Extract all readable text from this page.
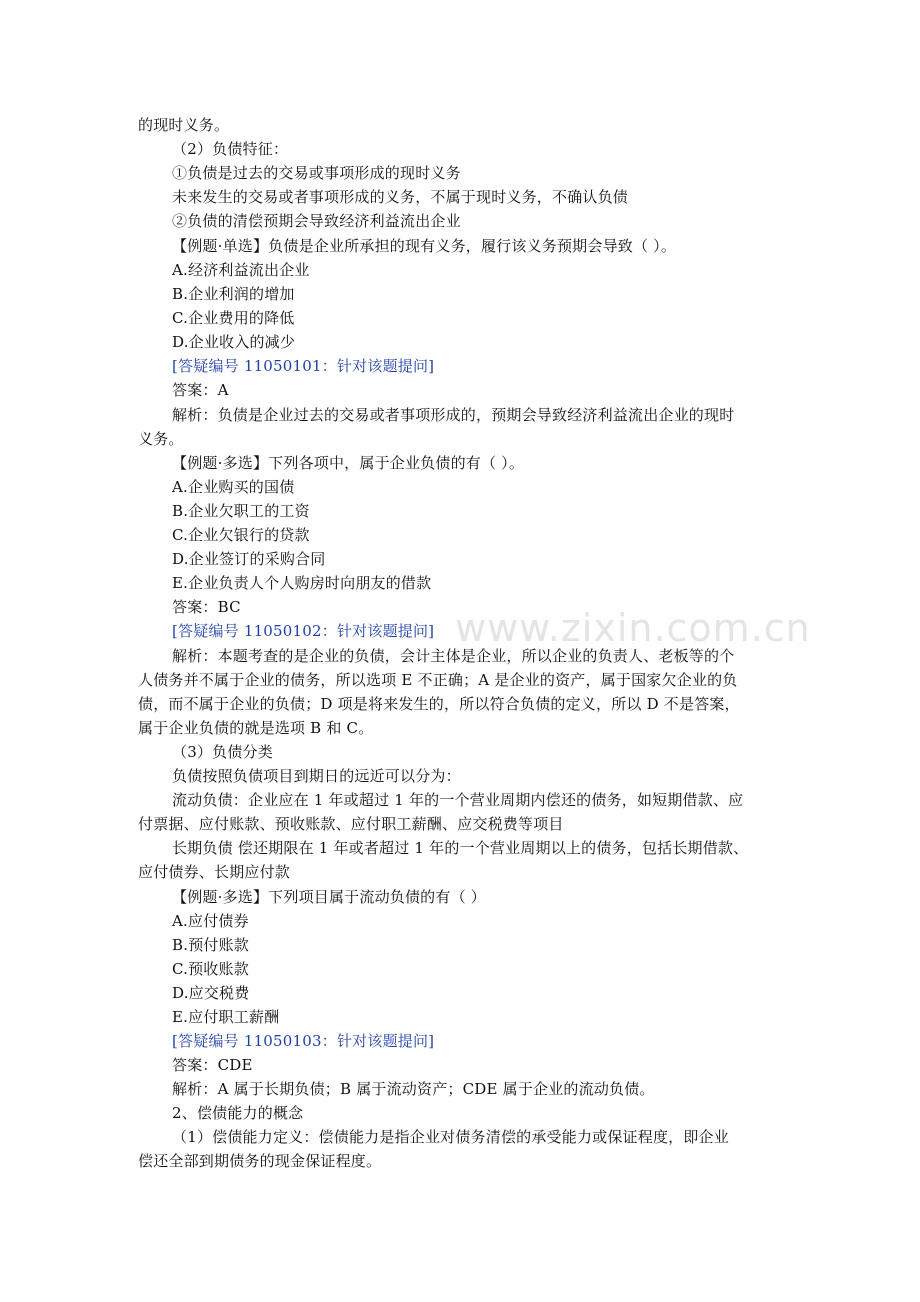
www.zixin.com.cn
的现时义务。
（2）负债特征：
①负债是过去的交易或事项形成的现时义务
未来发生的交易或者事项形成的义务，不属于现时义务，不确认负债
②负债的清偿预期会导致经济利益流出企业
【例题·单选】负债是企业所承担的现有义务，履行该义务预期会导致（ ）。
A.经济利益流出企业
B.企业利润的增加
C.企业费用的降低
D.企业收入的减少
[答疑编号 11050101：针对该题提问]
答案：A
解析：负债是企业过去的交易或者事项形成的，预期会导致经济利益流出企业的现时
义务。
【例题·多选】下列各项中，属于企业负债的有（ ）。
A.企业购买的国债
B.企业欠职工的工资
C.企业欠银行的贷款
D.企业签订的采购合同
E.企业负责人个人购房时向朋友的借款
答案：BC
[答疑编号 11050102：针对该题提问]
解析：本题考查的是企业的负债，会计主体是企业，所以企业的负责人、老板等的个
人债务并不属于企业的债务，所以选项 E 不正确；A 是企业的资产，属于国家欠企业的负
债，而不属于企业的负债；D 项是将来发生的，所以符合负债的定义，所以 D 不是答案，
属于企业负债的就是选项 B 和 C。
（3）负债分类
负债按照负债项目到期日的远近可以分为：
流动负债：企业应在 1 年或超过 1 年的一个营业周期内偿还的债务，如短期借款、应
付票据、应付账款、预收账款、应付职工薪酬、应交税费等项目
长期负债 偿还期限在 1 年或者超过 1 年的一个营业周期以上的债务，包括长期借款、
应付债券、长期应付款
【例题·多选】下列项目属于流动负债的有（ ）
A.应付债券
B.预付账款
C.预收账款
D.应交税费
E.应付职工薪酬
[答疑编号 11050103：针对该题提问]
答案：CDE
解析：A 属于长期负债；B 属于流动资产；CDE 属于企业的流动负债。
2、偿债能力的概念
（1）偿债能力定义：偿债能力是指企业对债务清偿的承受能力或保证程度，即企业
偿还全部到期债务的现金保证程度。
